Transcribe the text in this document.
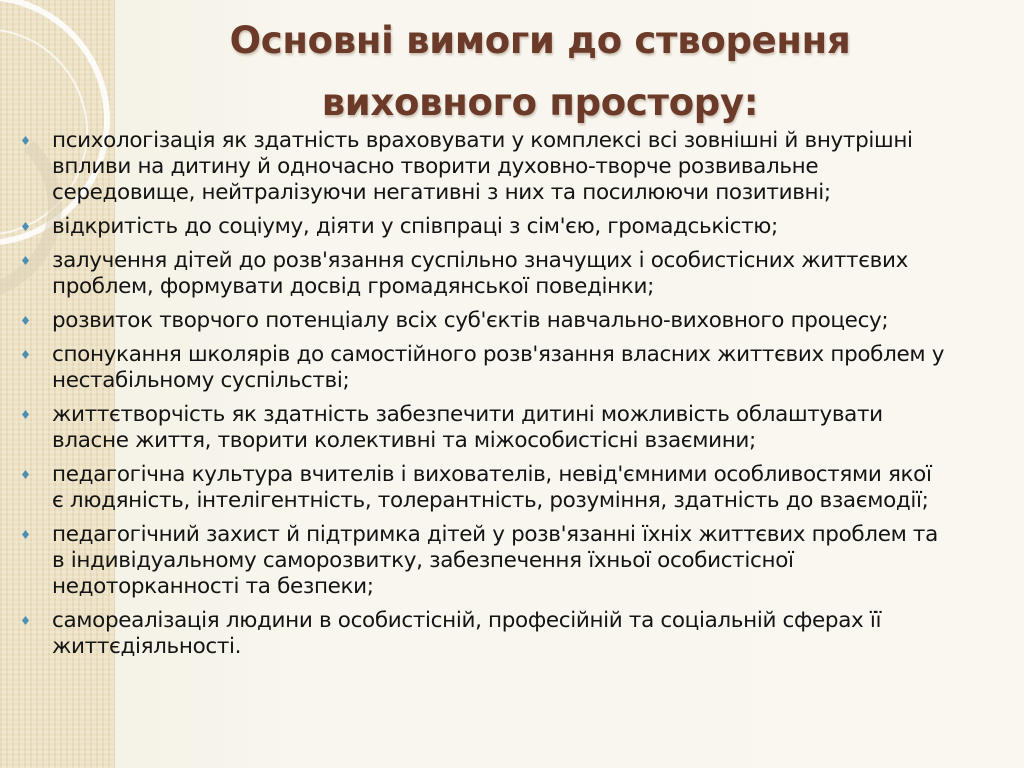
Основні вимоги до створення
виховного простору:
психологізація як здатність враховувати у комплексі всі зовнішні й внутрішні
впливи на дитину й одночасно творити духовно-творче розвивальне
середовище, нейтралізуючи негативні з них та посилюючи позитивні;
відкритість до соціуму, діяти у співпраці з сім'єю, громадськістю;
залучення дітей до розв'язання суспільно значущих і особистісних життєвих
проблем, формувати досвід громадянської поведінки;
розвиток творчого потенціалу всіх суб'єктів навчально-виховного процесу;
спонукання школярів до самостійного розв'язання власних життєвих проблем у
нестабільному суспільстві;
життєтворчість як здатність забезпечити дитині можливість облаштувати
власне життя, творити колективні та міжособистісні взаємини;
педагогічна культура вчителів і вихователів, невід'ємними особливостями якої
є людяність, інтелігентність, толерантність, розуміння, здатність до взаємодії;
педагогічний захист й підтримка дітей у розв'язанні їхніх життєвих проблем та
в індивідуальному саморозвитку, забезпечення їхньої особистісної
недоторканності та безпеки;
самореалізація людини в особистісній, професійній та соціальній сферах її
життєдіяльності.
